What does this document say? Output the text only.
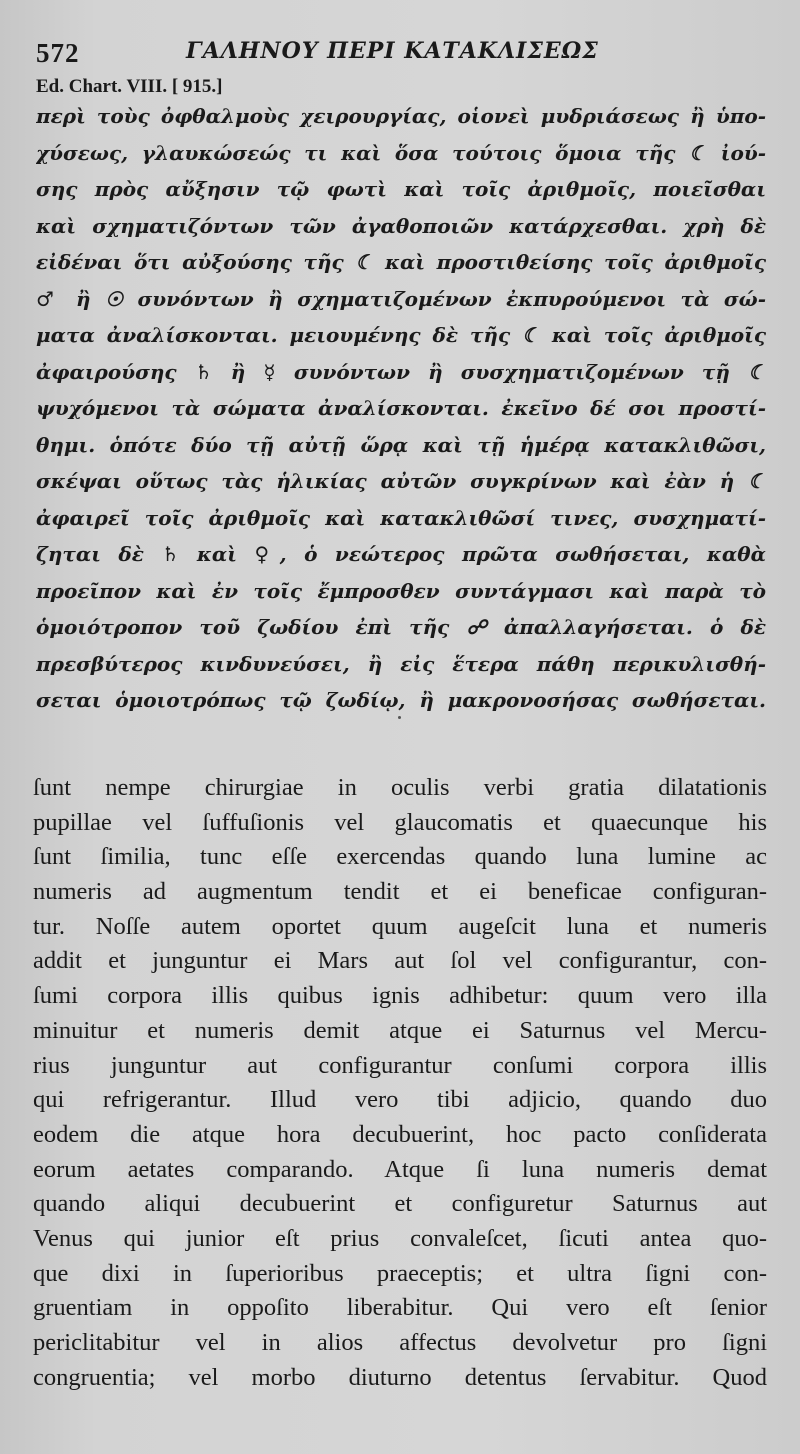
572	ΓΑΛΗΝΟΥ ΠΕΡΙ ΚΑΤΑΚΛΙΣΕΩΣ
Ed. Chart. VIII. [ 915.]
περὶ τοὺς ὀφθαλμοὺς χειρουργίας, οἱονεὶ μυδριάσεως ἢ ὑπο-
χύσεως, γλαυκώσεώς τι καὶ ὅσα τούτοις ὅμοια τῆς ☾ ἰού-
σης πρὸς αὔξησιν τῷ φωτὶ καὶ τοῖς ἀριθμοῖς, ποιεῖσθαι
καὶ σχηματιζόντων τῶν ἀγαθοποιῶν κατάρχεσθαι. χρὴ δὲ
εἰδέναι ὅτι αὐξούσης τῆς ☾ καὶ προστιθείσης τοῖς ἀριθμοῖς
♂ ἢ ☉ συνόντων ἢ σχηματιζομένων ἐκπυρούμενοι τὰ σώ-
ματα ἀναλίσκονται. μειουμένης δὲ τῆς ☾ καὶ τοῖς ἀριθμοῖς
ἀφαιρούσης ♄ ἢ ☿ συνόντων ἢ συσχηματιζομένων τῇ ☾
ψυχόμενοι τὰ σώματα ἀναλίσκονται. ἐκεῖνο δέ σοι προστί-
θημι. ὁπότε δύο τῇ αὐτῇ ὥρᾳ καὶ τῇ ἡμέρᾳ κατακλιθῶσι,
σκέψαι οὕτως τὰς ἡλικίας αὐτῶν συγκρίνων καὶ ἐὰν ἡ ☾
ἀφαιρεῖ τοῖς ἀριθμοῖς καὶ κατακλιθῶσί τινες, συσχηματί-
ζηται δὲ ♄ καὶ ♀, ὁ νεώτερος πρῶτα σωθήσεται, καθὰ
προεῖπον καὶ ἐν τοῖς ἔμπροσθεν συντάγμασι καὶ παρὰ τὸ
ὁμοιότροπον τοῦ ζωδίου ἐπὶ τῆς ☍ ἀπαλλαγήσεται. ὁ δὲ
πρεσβύτερος κινδυνεύσει, ἢ εἰς ἕτερα πάθη περικυλισθή-
σεται ὁμοιοτρόπως τῷ ζωδίῳ, ἢ μακρονοσήσας σωθήσεται.
ſunt nempe chirurgiae in oculis verbi gratia dilatationis
pupillae vel ſuffuſionis vel glaucomatis et quaecunque his
ſunt ſimilia, tunc eſſe exercendas quando luna lumine ac
numeris ad augmentum tendit et ei beneficae configuran-
tur. Noſſe autem oportet quum augeſcit luna et numeris
addit et junguntur ei Mars aut ſol vel configurantur, con-
ſumi corpora illis quibus ignis adhibetur: quum vero illa
minuitur et numeris demit atque ei Saturnus vel Mercu-
rius junguntur aut configurantur conſumi corpora illis
qui refrigerantur. Illud vero tibi adjicio, quando duo
eodem die atque hora decubuerint, hoc pacto conſiderata
eorum aetates comparando. Atque ſi luna numeris demat
quando aliqui decubuerint et configuretur Saturnus aut
Venus qui junior eſt prius convaleſcet, ſicuti antea quo-
que dixi in ſuperioribus praeceptis; et ultra ſigni con-
gruentiam in oppoſito liberabitur. Qui vero eſt ſenior
periclitabitur vel in alios affectus devolvetur pro ſigni
congruentia; vel morbo diuturno detentus ſervabitur. Quod
